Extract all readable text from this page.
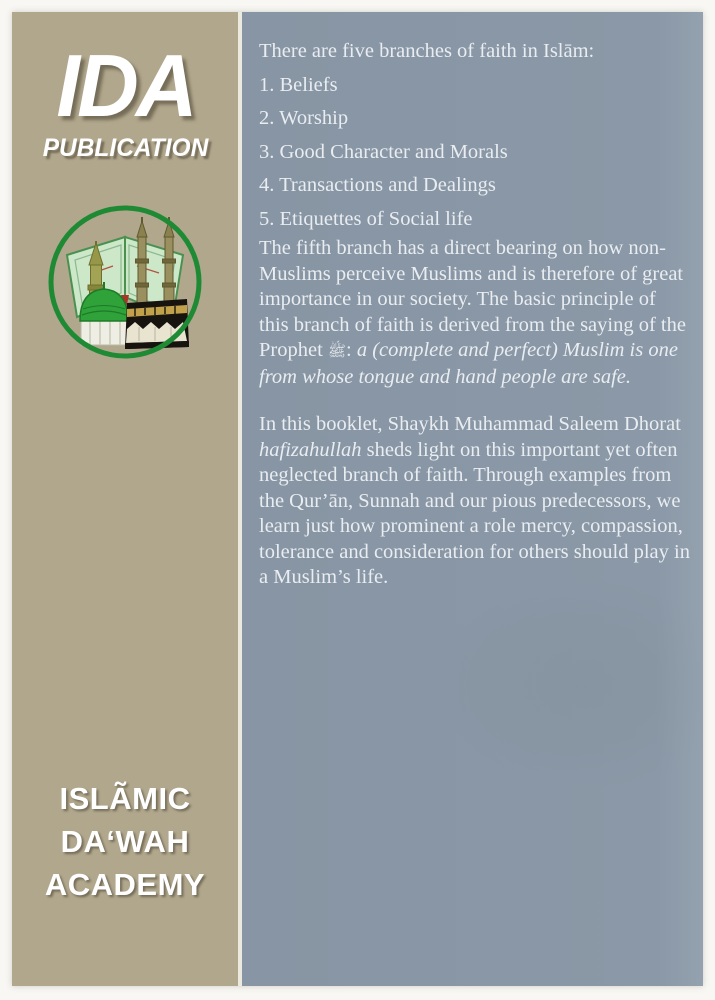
IDA
PUBLICATION
ISLÃMIC
DA‘WAH
ACADEMY

There are five branches of faith in Islām:

1. Beliefs
2. Worship
3. Good Character and Morals
4. Transactions and Dealings
5. Etiquettes of Social life

The fifth branch has a direct bearing on how non-Muslims perceive Muslims and is therefore of great importance in our society. The basic principle of this branch of faith is derived from the saying of the Prophet ﷺ: a (complete and perfect) Muslim is one from whose tongue and hand people are safe.

In this booklet, Shaykh Muhammad Saleem Dhorat hafizahullah sheds light on this important yet often neglected branch of faith. Through examples from the Qur’ān, Sunnah and our pious predecessors, we learn just how prominent a role mercy, compassion, tolerance and consideration for others should play in a Muslim’s life.
